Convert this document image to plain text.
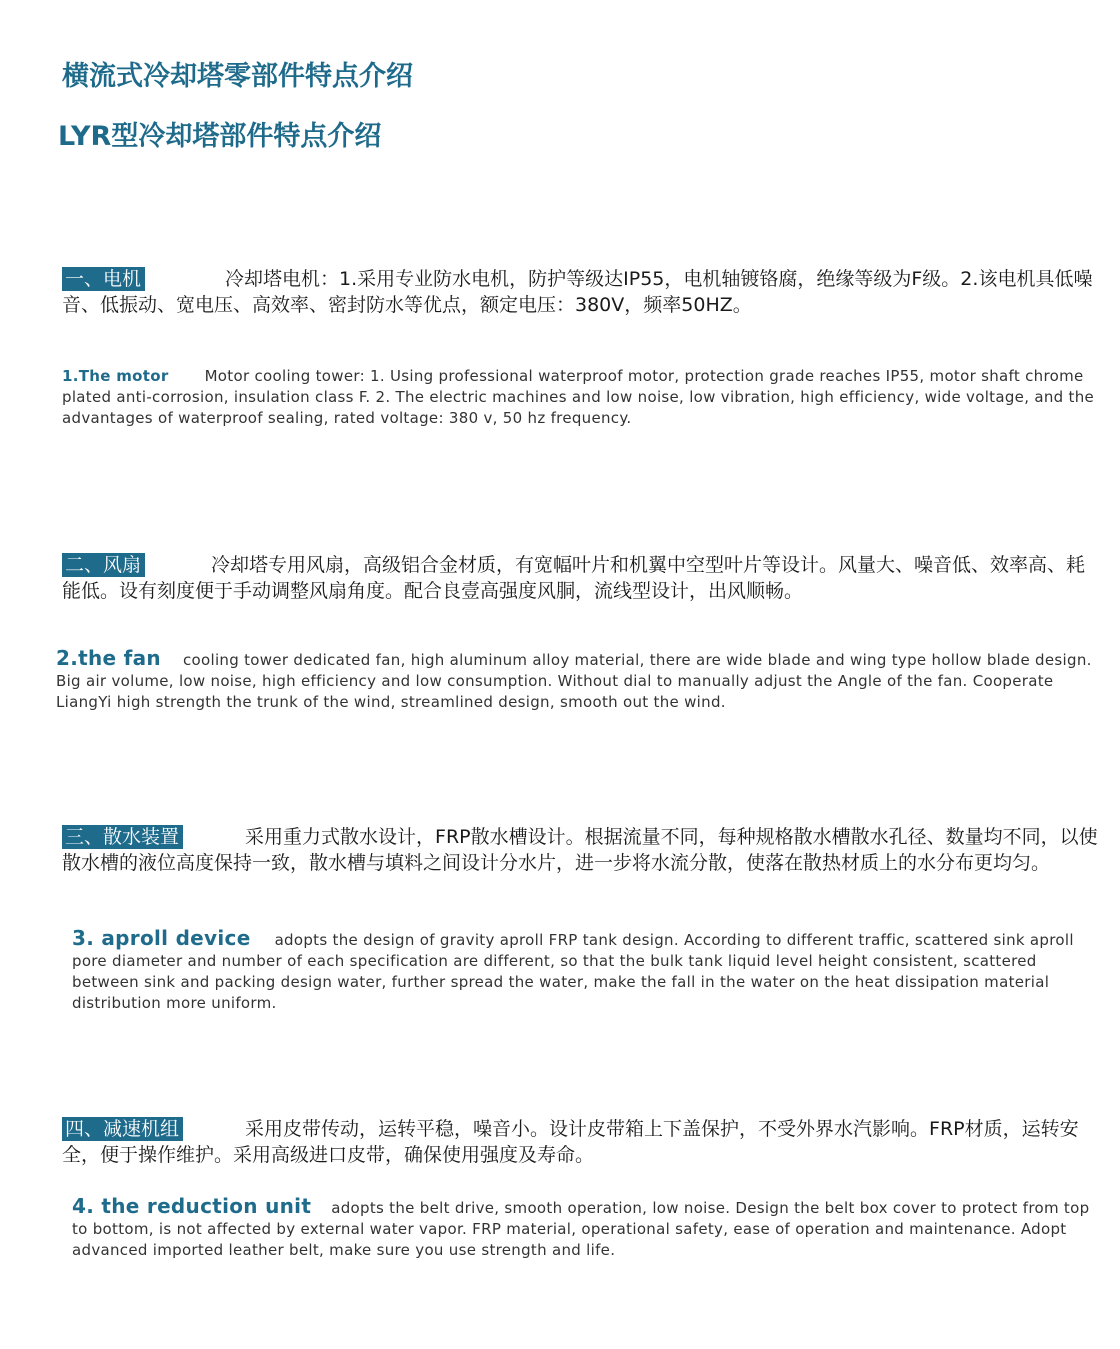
横流式冷却塔零部件特点介绍
LYR型冷却塔部件特点介绍

一、电机	冷却塔电机：1.采用专业防水电机，防护等级达IP55，电机轴镀铬腐，绝缘等级为F级。2.该电机具低噪音、低振动、宽电压、高效率、密封防水等优点，额定电压：380V，频率50HZ。

1.The motor Motor cooling tower: 1. Using professional waterproof motor, protection grade reaches IP55, motor shaft chrome plated anti-corrosion, insulation class F. 2. The electric machines and low noise, low vibration, high efficiency, wide voltage, and the advantages of waterproof sealing, rated voltage: 380 v, 50 hz frequency.

二、风扇	冷却塔专用风扇，高级铝合金材质，有宽幅叶片和机翼中空型叶片等设计。风量大、噪音低、效率高、耗能低。设有刻度便于手动调整风扇角度。配合良壹高强度风胴，流线型设计，出风顺畅。

2.the fan cooling tower dedicated fan, high aluminum alloy material, there are wide blade and wing type hollow blade design. Big air volume, low noise, high efficiency and low consumption. Without dial to manually adjust the Angle of the fan. Cooperate LiangYi high strength the trunk of the wind, streamlined design, smooth out the wind.

三、散水装置	采用重力式散水设计，FRP散水槽设计。根据流量不同，每种规格散水槽散水孔径、数量均不同，以使散水槽的液位高度保持一致，散水槽与填料之间设计分水片，进一步将水流分散，使落在散热材质上的水分布更均匀。

3. aproll device adopts the design of gravity aproll FRP tank design. According to different traffic, scattered sink aproll pore diameter and number of each specification are different, so that the bulk tank liquid level height consistent, scattered between sink and packing design water, further spread the water, make the fall in the water on the heat dissipation material distribution more uniform.

四、减速机组	采用皮带传动，运转平稳，噪音小。设计皮带箱上下盖保护，不受外界水汽影响。FRP材质，运转安全，便于操作维护。采用高级进口皮带，确保使用强度及寿命。

4. the reduction unit adopts the belt drive, smooth operation, low noise. Design the belt box cover to protect from top to bottom, is not affected by external water vapor. FRP material, operational safety, ease of operation and maintenance. Adopt advanced imported leather belt, make sure you use strength and life.
